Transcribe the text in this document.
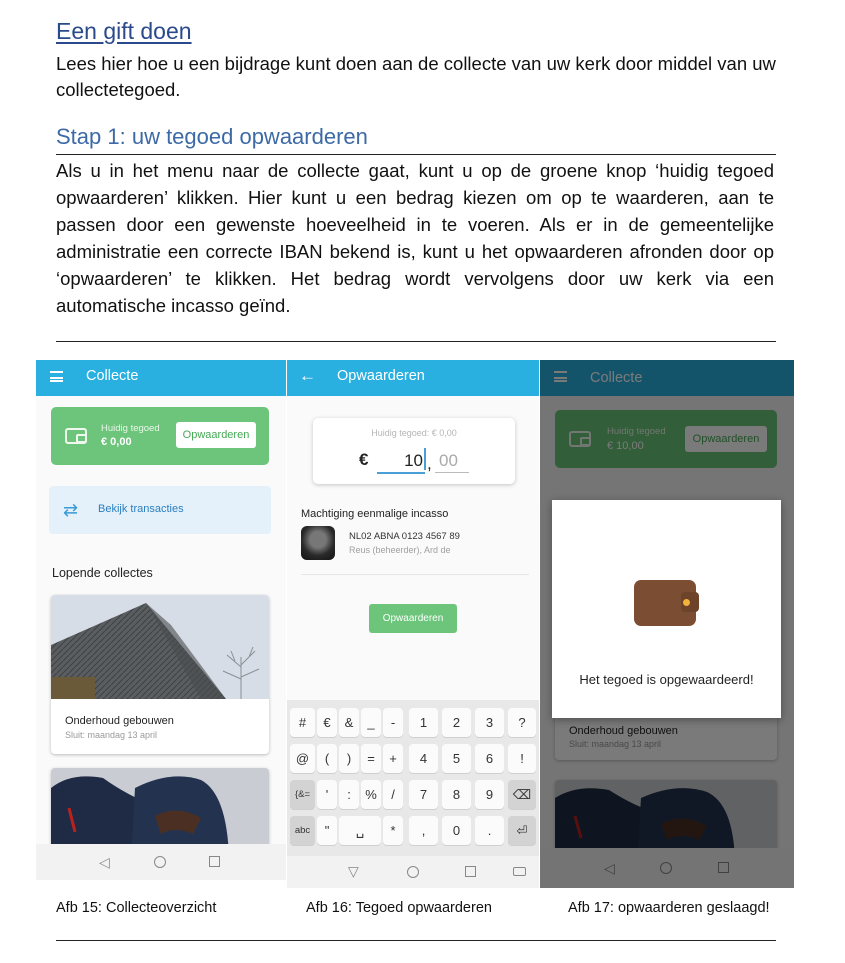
Een gift doen
Lees hier hoe u een bijdrage kunt doen aan de collecte van uw kerk door middel van uw collectetegoed.
Stap 1: uw tegoed opwaarderen
Als u in het menu naar de collecte gaat, kunt u op de groene knop ‘huidig tegoed opwaarderen’ klikken. Hier kunt u een bedrag kiezen om op te waarderen, aan te passen door een gewenste hoeveelheid in te voeren. Als er in de gemeentelijke administratie een correcte IBAN bekend is, kunt u het opwaarderen afronden door op ‘opwaarderen’ te klikken. Het bedrag wordt vervolgens door uw kerk via een automatische incasso geïnd.
Collecte
Huidig tegoed
€ 0,00
Opwaarderen
⇄ Bekijk transacties
Lopende collectes
Onderhoud gebouwen
Sluit: maandag 13 april
◁
← Opwaarderen
Huidig tegoed: € 0,00
€	10 , 00
Machtiging eenmalige incasso
NL02 ABNA 0123 4567 89
Reus (beheerder), Ard de
Opwaarderen
#	€	&	_	-	1	2	3	?
@	(	)	=	+	4	5	6	!
{&=	'	:	%	/	7	8	9	⌫
abc	"	␣	*	,	0	.	⏎
◁
Het tegoed is opgewaardeerd!
Afb 15: Collecteoverzicht	Afb 16: Tegoed opwaarderen	Afb 17: opwaarderen geslaagd!
